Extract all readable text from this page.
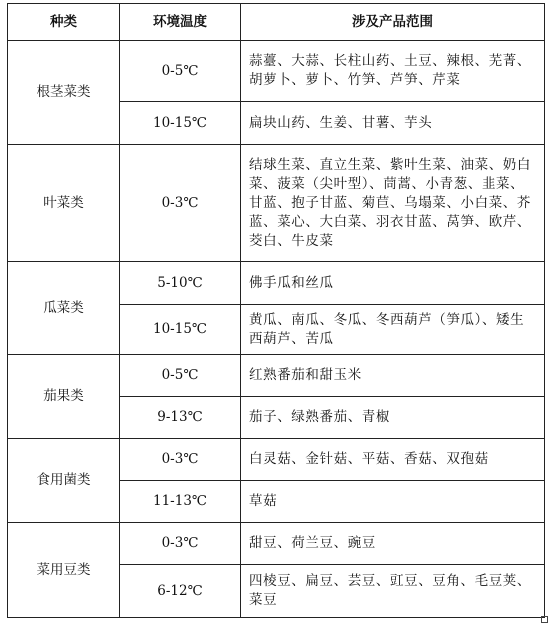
种类	环境温度	涉及产品范围
根茎菜类	0-5℃	蒜薹、大蒜、长柱山药、土豆、辣根、芜菁、胡萝卜、萝卜、竹笋、芦笋、芹菜
	10-15℃	扁块山药、生姜、甘薯、芋头
叶菜类	0-3℃	结球生菜、直立生菜、紫叶生菜、油菜、奶白菜、菠菜（尖叶型）、茼蒿、小青葱、韭菜、甘蓝、抱子甘蓝、菊苣、乌塌菜、小白菜、芥蓝、菜心、大白菜、羽衣甘蓝、莴笋、欧芹、茭白、牛皮菜
瓜菜类	5-10℃	佛手瓜和丝瓜
	10-15℃	黄瓜、南瓜、冬瓜、冬西葫芦（笋瓜）、矮生西葫芦、苦瓜
茄果类	0-5℃	红熟番茄和甜玉米
	9-13℃	茄子、绿熟番茄、青椒
食用菌类	0-3℃	白灵菇、金针菇、平菇、香菇、双孢菇
	11-13℃	草菇
菜用豆类	0-3℃	甜豆、荷兰豆、豌豆
	6-12℃	四棱豆、扁豆、芸豆、豇豆、豆角、毛豆荚、菜豆
